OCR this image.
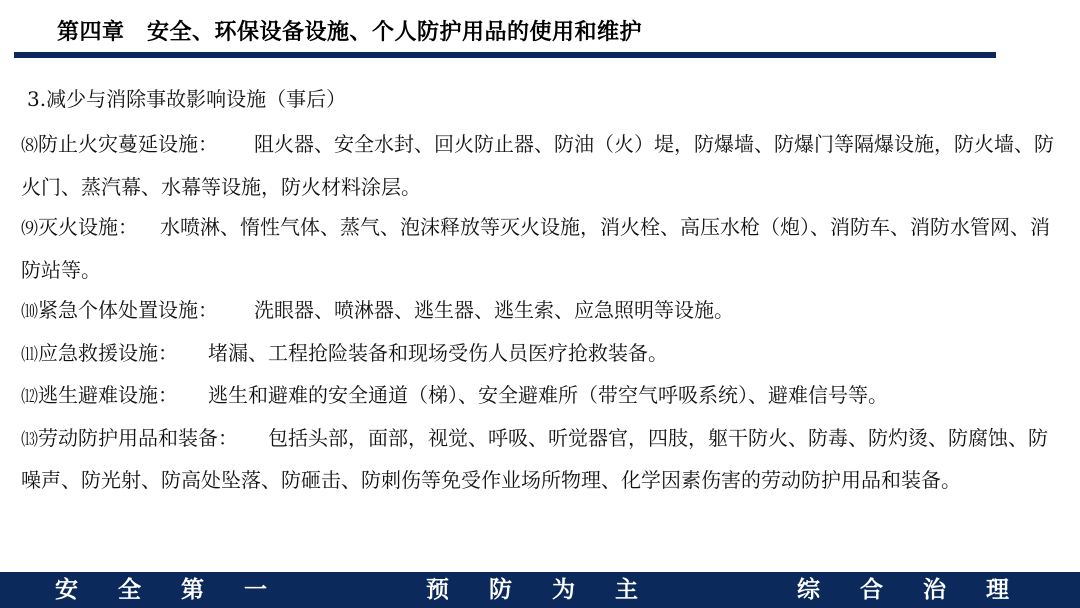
第四章　安全、环保设备设施、个人防护用品的使用和维护
3.减少与消除事故影响设施（事后）
⑻防止火灾蔓延设施： 阻火器、安全水封、回火防止器、防油（火）堤，防爆墙、防爆门等隔爆设施，防火墙、防火门、蒸汽幕、水幕等设施，防火材料涂层。
⑼灭火设施： 水喷淋、惰性气体、蒸气、泡沫释放等灭火设施，消火栓、高压水枪（炮）、消防车、消防水管网、消防站等。
⑽紧急个体处置设施： 洗眼器、喷淋器、逃生器、逃生索、应急照明等设施。
⑾应急救援设施： 堵漏、工程抢险装备和现场受伤人员医疗抢救装备。
⑿逃生避难设施： 逃生和避难的安全通道（梯）、安全避难所（带空气呼吸系统）、避难信号等。
⒀劳动防护用品和装备： 包括头部，面部，视觉、呼吸、听觉器官，四肢，躯干防火、防毒、防灼烫、防腐蚀、防噪声、防光射、防高处坠落、防砸击、防刺伤等免受作业场所物理、化学因素伤害的劳动防护用品和装备。
安 全 第 一	预 防 为 主	综 合 治 理
